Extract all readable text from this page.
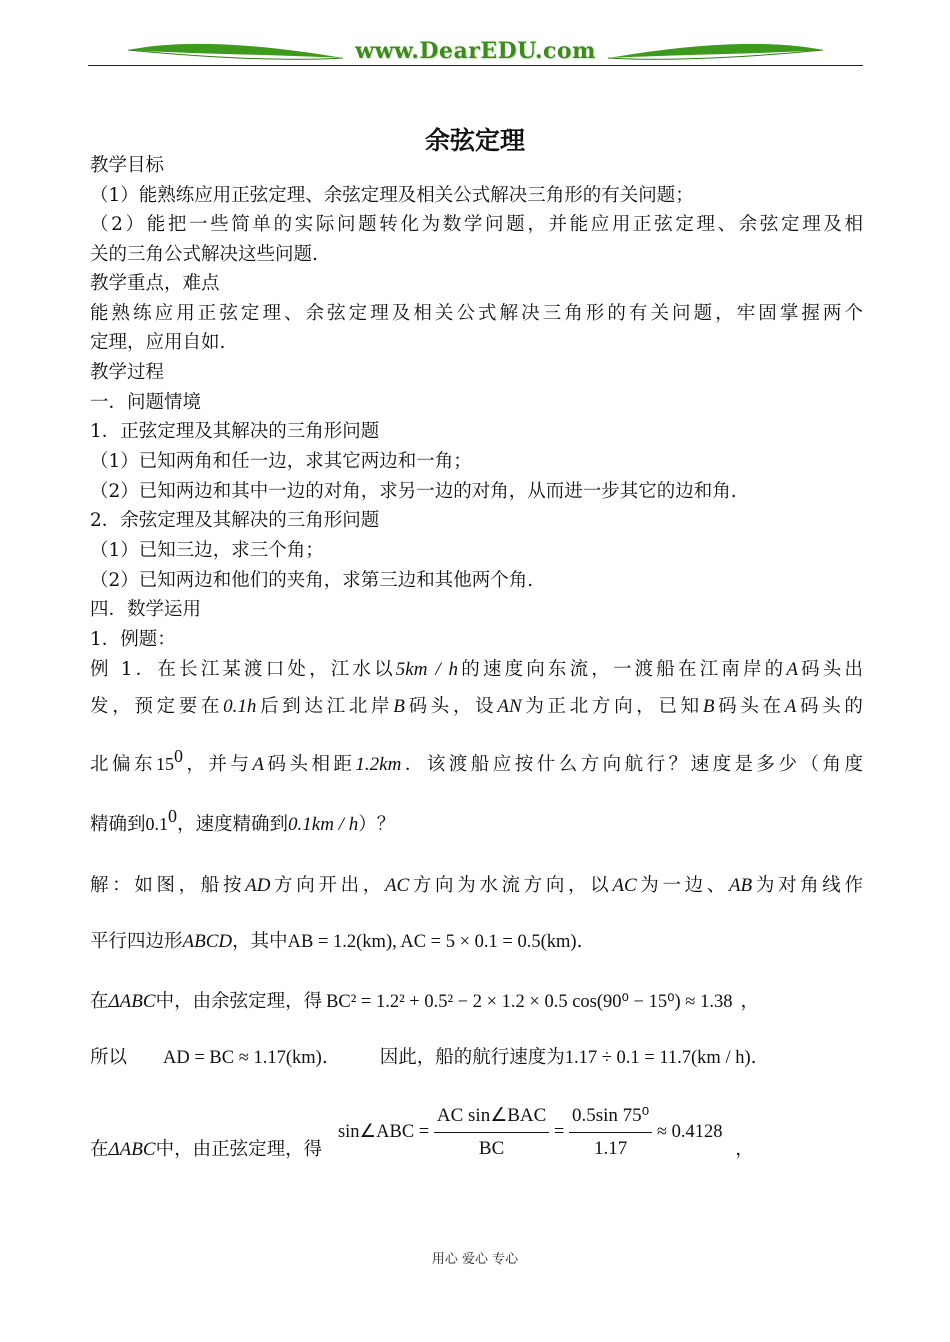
www.DearEDU.com
余弦定理
教学目标
（1）能熟练应用正弦定理、余弦定理及相关公式解决三角形的有关问题；
（2）能把一些简单的实际问题转化为数学问题，并能应用正弦定理、余弦定理及相
关的三角公式解决这些问题.
教学重点，难点
能熟练应用正弦定理、余弦定理及相关公式解决三角形的有关问题，牢固掌握两个
定理，应用自如.
教学过程
一．问题情境
1．正弦定理及其解决的三角形问题
（1）已知两角和任一边，求其它两边和一角；
（2）已知两边和其中一边的对角，求另一边的对角，从而进一步其它的边和角.
2．余弦定理及其解决的三角形问题
（1）已知三边，求三个角；
（2）已知两边和他们的夹角，求第三边和其他两个角.
四．数学运用
1．例题：
例 1．在长江某渡口处，江水以5km / h的速度向东流，一渡船在江南岸的A码头出
发，预定要在0.1h后到达江北岸B码头，设AN为正北方向，已知B码头在A码头的
北偏东$15^0$，并与A码头相距1.2km．该渡船应按什么方向航行？速度是多少（角度
精确到$0.1^0$，速度精确到0.1km / h）？
解：如图，船按AD方向开出，AC方向为水流方向，以AC为一边、AB为对角线作
平行四边形ABCD，其中AB = 1.2(km), AC = 5 × 0.1 = 0.5(km).
在ΔABC中，由余弦定理，得 BC² = 1.2² + 0.5² − 2 × 1.2 × 0.5 cos(90⁰ − 15⁰) ≈ 1.38 ，
所以 AD = BC ≈ 1.17(km).	因此，船的航行速度为1.17 ÷ 0.1 = 11.7(km / h).
在ΔABC中，由正弦定理，得 sin∠ABC = $\frac{\text{AC sin∠BAC}}{BC} = \frac{\text{0.5sin 75⁰}}{1.17} \approx 0.4128$ ，
用心 爱心 专心
